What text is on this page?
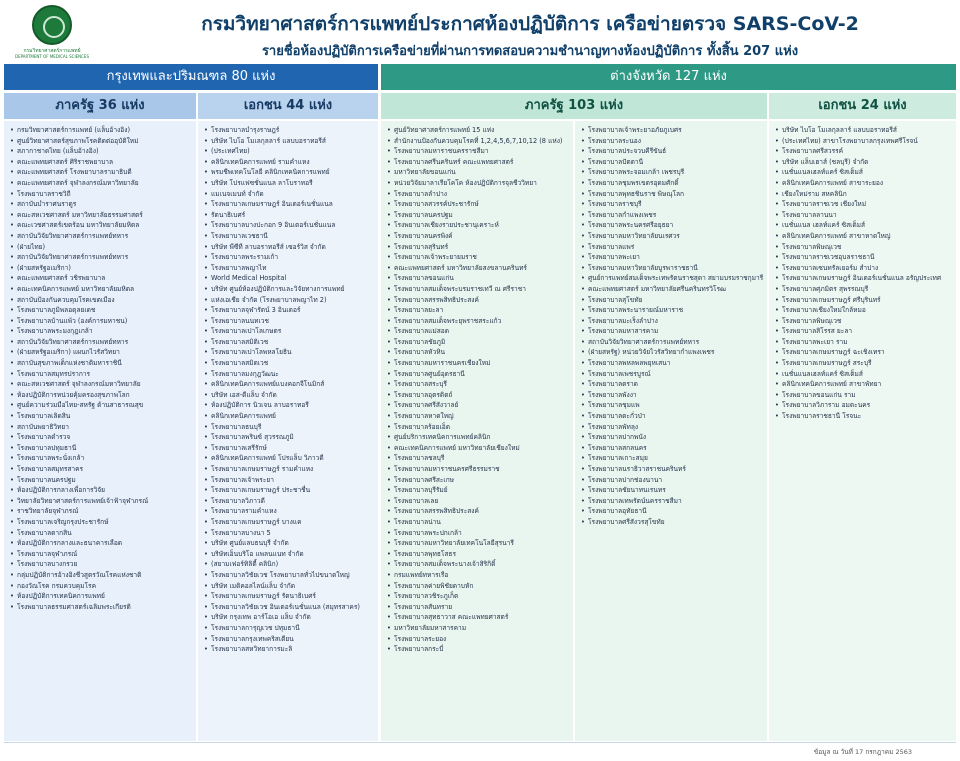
กรมวิทยาศาสตร์การแพทย์
DEPARTMENT OF MEDICAL SCIENCES
กรมวิทยาศาสตร์การแพทย์ประกาศห้องปฏิบัติการ เครือข่ายตรวจ SARS-CoV-2
รายชื่อห้องปฏิบัติการเครือข่ายที่ผ่านการทดสอบความชำนาญทางห้องปฏิบัติการ ทั้งสิ้น 207 แห่ง
กรุงเทพและปริมณฑล 80 แห่ง	ต่างจังหวัด 127 แห่ง
ภาครัฐ 36 แห่ง	เอกชน 44 แห่ง	ภาครัฐ 103 แห่ง	เอกชน 24 แห่ง
• กรมวิทยาศาสตร์การแพทย์ (แล็บอ้างอิง)
• ศูนย์วิทยาศาสตร์สุขภาพโรคติดต่ออุบัติใหม่
• สภากาชาดไทย (แล็บอ้างอิง)
• คณะแพทยศาสตร์ ศิริราชพยาบาล
• คณะแพทยศาสตร์ โรงพยาบาลรามาธิบดี
• คณะแพทยศาสตร์ จุฬาลงกรณ์มหาวิทยาลัย
• โรงพยาบาลราชวิถี
• สถาบันบำราศนราดูร
• คณะสหเวชศาสตร์ มหาวิทยาลัยธรรมศาสตร์
• คณะเวชศาสตร์เขตร้อน มหาวิทยาลัยมหิดล
• สถาบันวิจัยวิทยาศาสตร์การแพทย์ทหาร
• (ฝ่ายไทย)
• สถาบันวิจัยวิทยาศาสตร์การแพทย์ทหาร
• (ฝ่ายสหรัฐอเมริกา)
• คณะแพทยศาสตร์ วชิรพยาบาล
• คณะเทคนิคการแพทย์ มหาวิทยาลัยมหิดล
• สถาบันป้องกันควบคุมโรคเขตเมือง
• โรงพยาบาลภูมิพลอดุลยเดช
• โรงพยาบาลบ้านแพ้ว (องค์การมหาชน)
• โรงพยาบาลพระมงกุฎเกล้า
• สถาบันวิจัยวิทยาศาสตร์การแพทย์ทหาร
• (ฝ่ายสหรัฐอเมริกา) แผนกไวรัสวิทยา
• สถาบันสุขภาพเด็กแห่งชาติมหาราชินี
• โรงพยาบาลสมุทรปราการ
• คณะสหเวชศาสตร์ จุฬาลงกรณ์มหาวิทยาลัย
• ห้องปฏิบัติการหน่วยคุ้มครองสุขภาพโลก
• ศูนย์ความร่วมมือไทย-สหรัฐ ด้านสาธารณสุข
• โรงพยาบาลเลิดสิน
• สถาบันพยาธิวิทยา
• โรงพยาบาลตำรวจ
• โรงพยาบาลปทุมธานี
• โรงพยาบาลพระนั่งเกล้า
• โรงพยาบาลสมุทรสาคร
• โรงพยาบาลนครปฐม
• ห้องปฏิบัติการกลางเพื่อการวิจัย
• วิทยาลัยวิทยาศาสตร์การแพทย์เจ้าฟ้าจุฬาภรณ์
• ราชวิทยาลัยจุฬาภรณ์
• โรงพยาบาลเจริญกรุงประชารักษ์
• โรงพยาบาลตากสิน
• ห้องปฏิบัติการกลางและธนาคารเลือด
• โรงพยาบาลจุฬาภรณ์
• โรงพยาบาลบางกรวย
• กลุ่มปฏิบัติการอ้างอิงชีวสูตรวัณโรคแห่งชาติ
• กองวัณโรค กรมควบคุมโรค
• ห้องปฏิบัติการเทคนิคการแพทย์
• โรงพยาบาลธรรมศาสตร์เฉลิมพระเกียรติ
• โรงพยาบาลบำรุงราษฎร์
• บริษัท ไบโอ โมเลกุลลาร์ แลบบอราทอรีส์
• (ประเทศไทย)
• คลินิกเทคนิคการแพทย์ รามคำแหง
• พรมชีพเทคโนโลยี คลินิกเทคนิคการแพทย์
• บริษัท โปรแฟซชั่นแนล ลาโบราทอรี
• แมเนจเมนท์ จำกัด
• โรงพยาบาลเกษมราษฎร์ อินเตอร์เนชั่นแนล
• รัตนาธิเบศร์
• โรงพยาบาลบางปะกอก 9 อินเตอร์เนชั่นแนล
• โรงพยาบาลเวชธานี
• บริษัท พีซีที ลาบอราทอรีส์ เซอร์วิส จำกัด
• โรงพยาบาลพระรามเก้า
• โรงพยาบาลพญาไท
• World Medical Hospital
• บริษัท ศูนย์ห้องปฏิบัติการและวิจัยทางการแพทย์
• แห่งเอเชีย จำกัด (โรงพยาบาลพญาไท 2)
• โรงพยาบาลจุฬารัตน์ 3 อินเตอร์
• โรงพยาบาลนนทเวช
• โรงพยาบาลเปาโลเกษตร
• โรงพยาบาลสมิติเวช
• โรงพยาบาลเปาโลพหลโยธิน
• โรงพยาบาลสมิตเวช
• โรงพยาบาลมงกุฎวัฒนะ
• คลินิกเทคนิคการแพทย์แบงคอกจีโนมิกส์
• บริษัท เอส-ดีแล็บ จำกัด
• ห้องปฏิบัติการ นิวเจน ลาบอราทอรี
• คลินิกเทคนิคการแพทย์
• โรงพยาบาลธนบุรี
• โรงพยาบาลพรินซ์ สุวรรณภูมิ
• โรงพยาบาลเสรีรักษ์
• คลินิกเทคนิคการแพทย์ โปรแล็บ วิภาวดี
• โรงพยาบาลเกษมราษฎร์ รามคำแหง
• โรงพยาบาลเจ้าพระยา
• โรงพยาบาลเกษมราษฎร์ ประชาชื่น
• โรงพยาบาลวิภาวดี
• โรงพยาบาลรามคำแหง
• โรงพยาบาลเกษมราษฎร์ บางแค
• โรงพยาบาลบางนา 5
• บริษัท ศูนย์แลบธนบุรี จำกัด
• บริษัทเอ็นบริโอ แพลนแนท จำกัด
• (สยามเฟอร์ทิลิตี้ คลินิก)
• โรงพยาบาลวิชัยเวช โรงพยาบาลทั่วไปขนาดใหญ่
• บริษัท เมดิคอลไลน์แล็บ จำกัด
• โรงพยาบาลเกษมราษฎร์ รัตนาธิเบศร์
• โรงพยาบาลวิชัยเวช อินเตอร์เนชั่นแนล (สมุทรสาคร)
• บริษัท กรุงเทพ อาร์โอเอ แล็บ จำกัด
• โรงพยาบาลการุญเวช ปทุมธานี
• โรงพยาบาลกรุงเทพคริสเตียน
• โรงพยาบาลสหวิทยาการมะลิ
• ศูนย์วิทยาศาสตร์การแพทย์ 15 แห่ง
• สำนักงานป้องกันควบคุมโรคที่ 1,2,4,5,6,7,10,12 (8 แห่ง)
• โรงพยาบาลมหาราชนครราชสีมา
• โรงพยาบาลศรีนครินทร์ คณะแพทยศาสตร์
• มหาวิทยาลัยขอนแก่น
• หน่วยวิจัยมาลาเรียโคโค ห้องปฏิบัติการจุลชีววิทยา
• โรงพยาบาลลำปาง
• โรงพยาบาลสวรรค์ประชารักษ์
• โรงพยาบาลนครปฐม
• โรงพยาบาลเชียงรายประชานุเคราะห์
• โรงพยาบาลนครพิงค์
• โรงพยาบาลสุรินทร์
• โรงพยาบาลเจ้าพระยายมราช
• คณะแพทยศาสตร์ มหาวิทยาลัยสงขลานครินทร์
• โรงพยาบาลขอนแก่น
• โรงพยาบาลสมเด็จพระบรมราชเทวี ณ ศรีราชา
• โรงพยาบาลสรรพสิทธิประสงค์
• โรงพยาบาลยะลา
• โรงพยาบาลสมเด็จพระยุพราชสระแก้ว
• โรงพยาบาลแม่สอด
• โรงพยาบาลชัยภูมิ
• โรงพยาบาลหัวหิน
• โรงพยาบาลมหาราชนครเชียงใหม่
• โรงพยาบาลศูนย์อุดรธานี
• โรงพยาบาลสระบุรี
• โรงพยาบาลอุตรดิตถ์
• โรงพยาบาลศรีสังวาลย์
• โรงพยาบาลหาดใหญ่
• โรงพยาบาลร้อยเอ็ด
• ศูนย์บริการเทคนิคการแพทย์คลินิก
• คณะเทคนิคการแพทย์ มหาวิทยาลัยเชียงใหม่
• โรงพยาบาลชลบุรี
• โรงพยาบาลมหาราชนครศรีธรรมราช
• โรงพยาบาลศรีสะเกษ
• โรงพยาบาลบุรีรัมย์
• โรงพยาบาลเลย
• โรงพยาบาลสรรพสิทธิประสงค์
• โรงพยาบาลน่าน
• โรงพยาบาลพระปกเกล้า
• โรงพยาบาลมหาวิทยาลัยเทคโนโลยีสุรนารี
• โรงพยาบาลพุทธโสธร
• โรงพยาบาลสมเด็จพระนางเจ้าสิริกิติ์
• กรมแพทย์ทหารเรือ
• โรงพยาบาลค่ายพิชัยดาบหัก
• โรงพยาบาลวชิระภูเก็ต
• โรงพยาบาลสันทราย
• โรงพยาบาลสุทธาวาส คณะแพทยศาสตร์
• มหาวิทยาลัยมหาสารคาม
• โรงพยาบาลระยอง
• โรงพยาบาลกระบี่
• โรงพยาบาลเจ้าพระยาอภัยภูเบศร
• โรงพยาบาลระนอง
• โรงพยาบาลประจวบคีรีขันธ์
• โรงพยาบาลปัตตานี
• โรงพยาบาลพระจอมเกล้า เพชรบุรี
• โรงพยาบาลชุมพรเขตรอุดมศักดิ์
• โรงพยาบาลพุทธชินราช พิษณุโลก
• โรงพยาบาลราชบุรี
• โรงพยาบาลกำแพงเพชร
• โรงพยาบาลพระนครศรีอยุธยา
• โรงพยาบาลมหาวิทยาลัยนเรศวร
• โรงพยาบาลแพร่
• โรงพยาบาลพะเยา
• โรงพยาบาลมหาวิทยาลัยบูรพาราชธานี
• ศูนย์การแพทย์สมเด็จพระเทพรัตนราชสุดา สยามบรมราชกุมารี
• คณะแพทยศาสตร์ มหาวิทยาลัยศรีนครินทรวิโรฒ
• โรงพยาบาลสุโขทัย
• โรงพยาบาลพระนารายณ์มหาราช
• โรงพยาบาลมะเร็งลำปาง
• โรงพยาบาลมหาสารคาม
• สถาบันวิจัยวิทยาศาสตร์การแพทย์ทหาร
• (ฝ่ายสหรัฐ) หน่วยวิจัยไวรัสวิทยากำแพงเพชร
• โรงพยาบาลพหลพลพยุหเสนา
• โรงพยาบาลเพชรบูรณ์
• โรงพยาบาลตราด
• โรงพยาบาลพังงา
• โรงพยาบาลชุมแพ
• โรงพยาบาลตะกั่วป่า
• โรงพยาบาลพัทลุง
• โรงพยาบาลปากพนัง
• โรงพยาบาลสกลนคร
• โรงพยาบาลเกาะสมุย
• โรงพยาบาลนราธิวาสราชนครินทร์
• โรงพยาบาลปากช่องนานา
• โรงพยาบาลชัยนาทนเรนทร
• โรงพยาบาลเทพรัตน์นครราชสีมา
• โรงพยาบาลอุทัยธานี
• โรงพยาบาลศรีสังวรสุโขทัย
• บริษัท ไบโอ โมเลกุลลาร์ แลบบอราทอรีส์
• (ประเทศไทย) สาขาโรงพยาบาลกรุงเทพศรีโรจน์
• โรงพยาบาลศรีสวรรค์
• บริษัท แล็บเฮาส์ (ชลบุรี) จำกัด
• เนชั่นแนลเฮลท์แคร์ ซิสเต็มส์
• คลินิกเทคนิคการแพทย์ สาขาระยอง
• เชียงใหม่ราม สหคลินิก
• โรงพยาบาลราชเวช เชียงใหม่
• โรงพยาบาลลานนา
• เนชั่นแนล เฮลท์แคร์ ซิสเต็มส์
• คลินิกเทคนิคการแพทย์ สาขาหาดใหญ่
• โรงพยาบาลพิษณุเวช
• โรงพยาบาลราชเวชอุบลราชธานี
• โรงพยาบาลเซนทรัลเยอร์ม สำปาง
• โรงพยาบาลเกษมราษฎร์ อินเตอร์เนชั่นแนล อรัญประเทศ
• โรงพยาบาลศุภมิตร สุพรรณบุรี
• โรงพยาบาลเกษมราษฎร์ ศรีบุรินทร์
• โรงพยาบาลเชียงใหม่ใกล้หมอ
• โรงพยาบาลพิษณุเวช
• โรงพยาบาลสิโรรส ยะลา
• โรงพยาบาลพะเยา ราม
• โรงพยาบาลเกษมราษฎร์ ฉะเชิงเทรา
• โรงพยาบาลเกษมราษฎร์ สระบุรี
• เนชั่นแนลเฮลท์แคร์ ซิสเต็มส์
• คลินิกเทคนิคการแพทย์ สาขาพัทยา
• โรงพยาบาลขอนแก่น ราม
• โรงพยาบาลวิภาราม อมตะนคร
• โรงพยาบาลราชธานี โรจนะ
ข้อมูล ณ วันที่ 17 กรกฎาคม 2563
